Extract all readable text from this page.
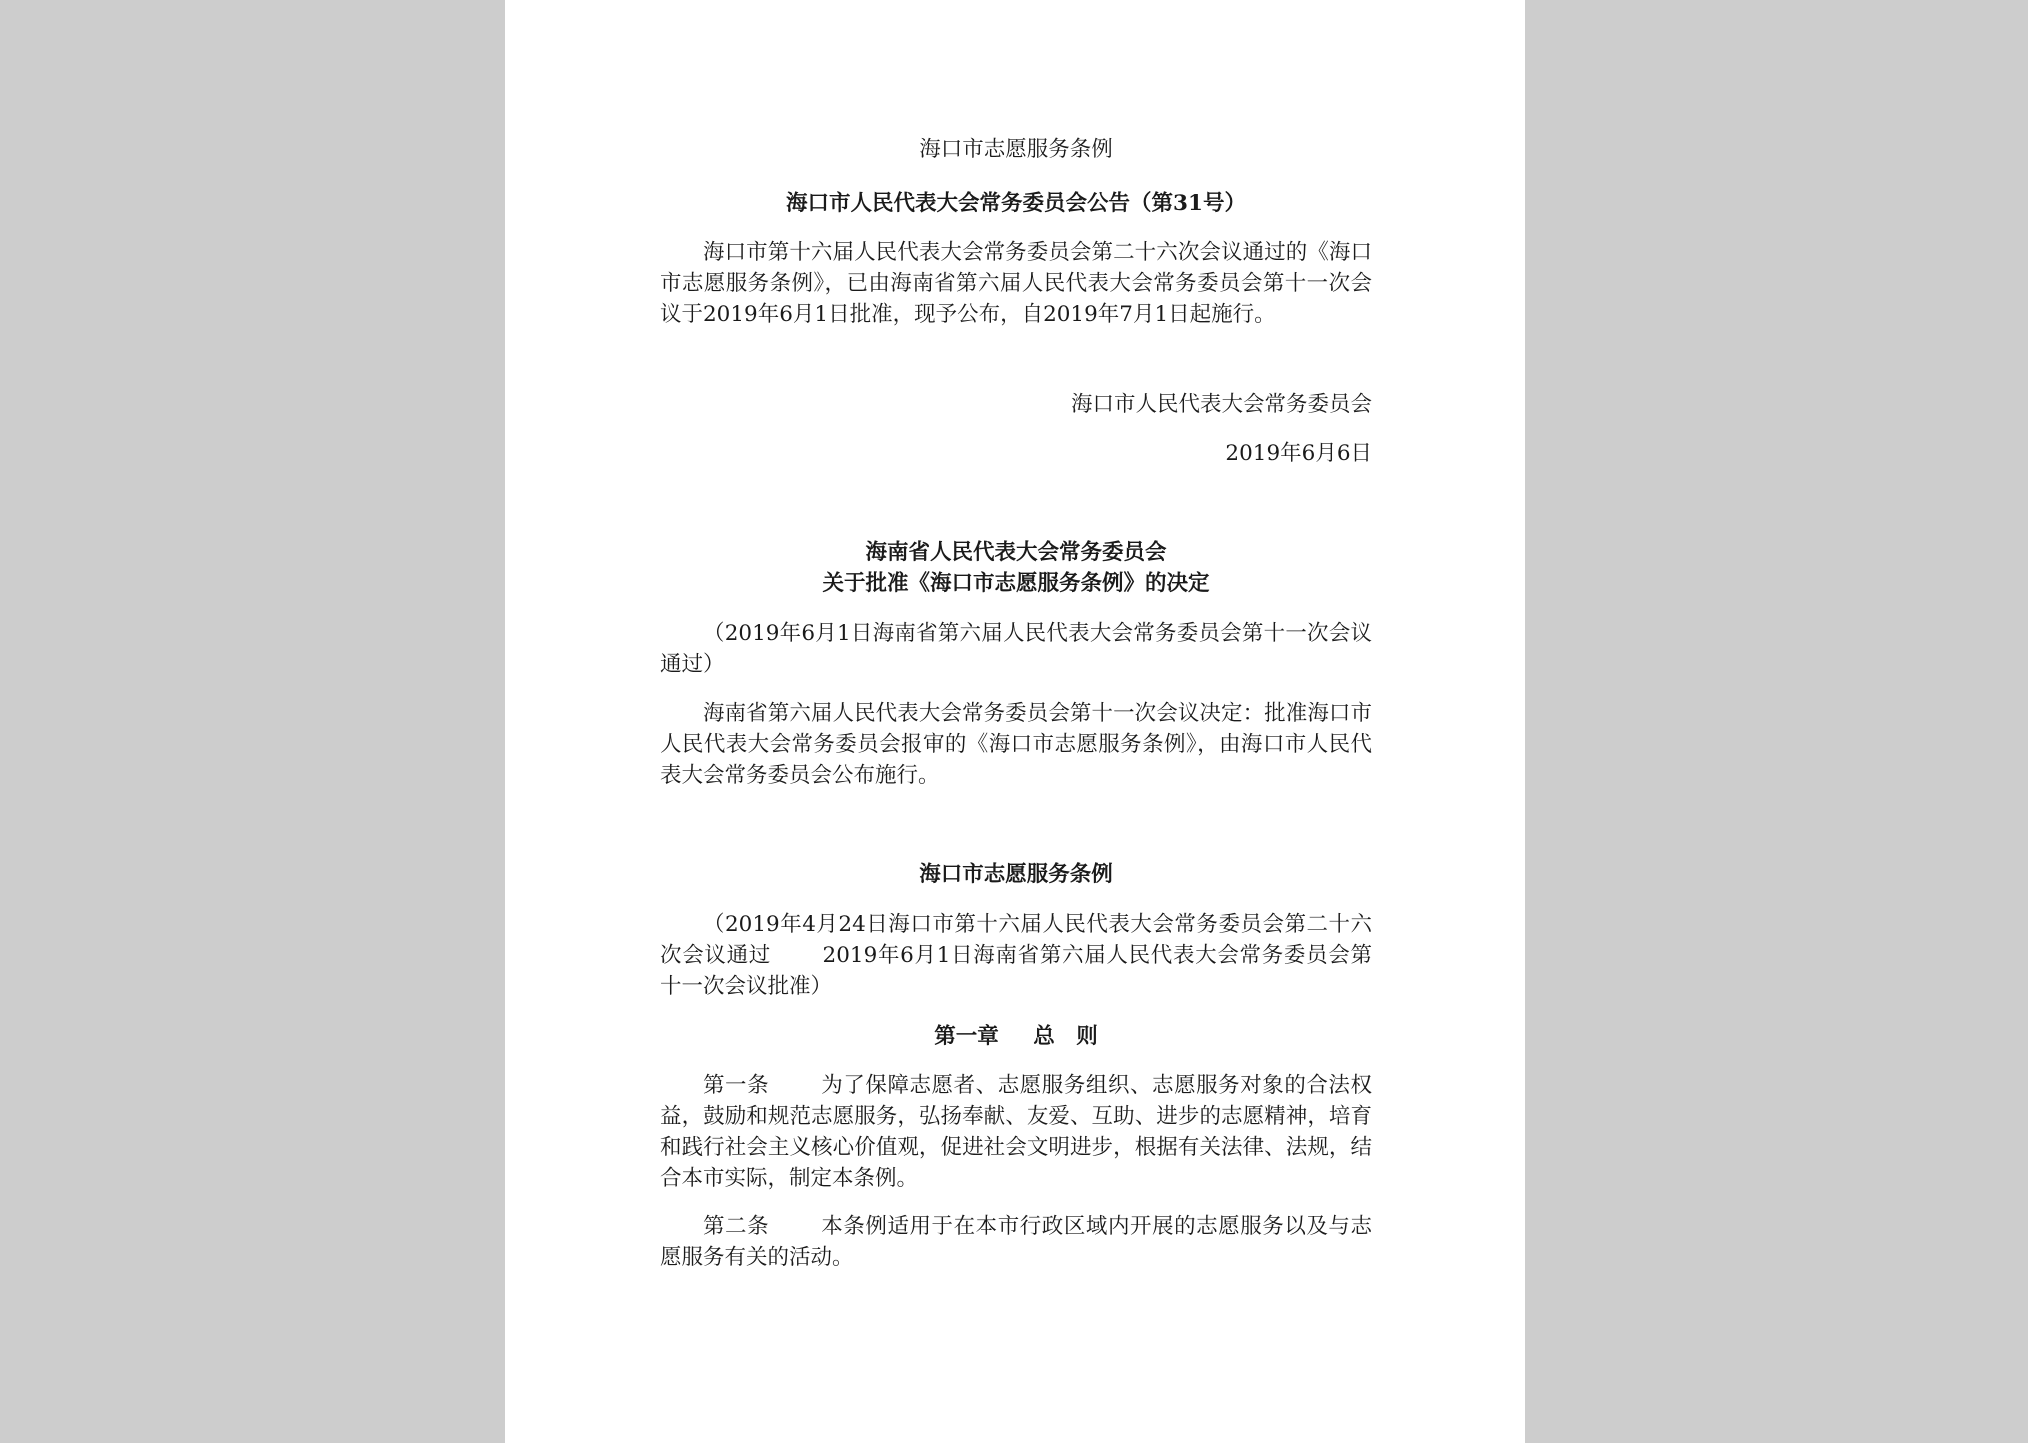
海口市志愿服务条例

海口市人民代表大会常务委员会公告（第31号）

海口市第十六届人民代表大会常务委员会第二十六次会议通过的《海口市志愿服务条例》，已由海南省第六届人民代表大会常务委员会第十一次会议于2019年6月1日批准，现予公布，自2019年7月1日起施行。

海口市人民代表大会常务委员会

2019年6月6日

海南省人民代表大会常务委员会

关于批准《海口市志愿服务条例》的决定

（2019年6月1日海南省第六届人民代表大会常务委员会第十一次会议通过）

海南省第六届人民代表大会常务委员会第十一次会议决定：批准海口市人民代表大会常务委员会报审的《海口市志愿服务条例》，由海口市人民代表大会常务委员会公布施行。

海口市志愿服务条例

（2019年4月24日海口市第十六届人民代表大会常务委员会第二十六次会议通过 2019年6月1日海南省第六届人民代表大会常务委员会第十一次会议批准）

第一章 总　则

第一条 为了保障志愿者、志愿服务组织、志愿服务对象的合法权益，鼓励和规范志愿服务，弘扬奉献、友爱、互助、进步的志愿精神，培育和践行社会主义核心价值观，促进社会文明进步，根据有关法律、法规，结合本市实际，制定本条例。

第二条 本条例适用于在本市行政区域内开展的志愿服务以及与志愿服务有关的活动。
